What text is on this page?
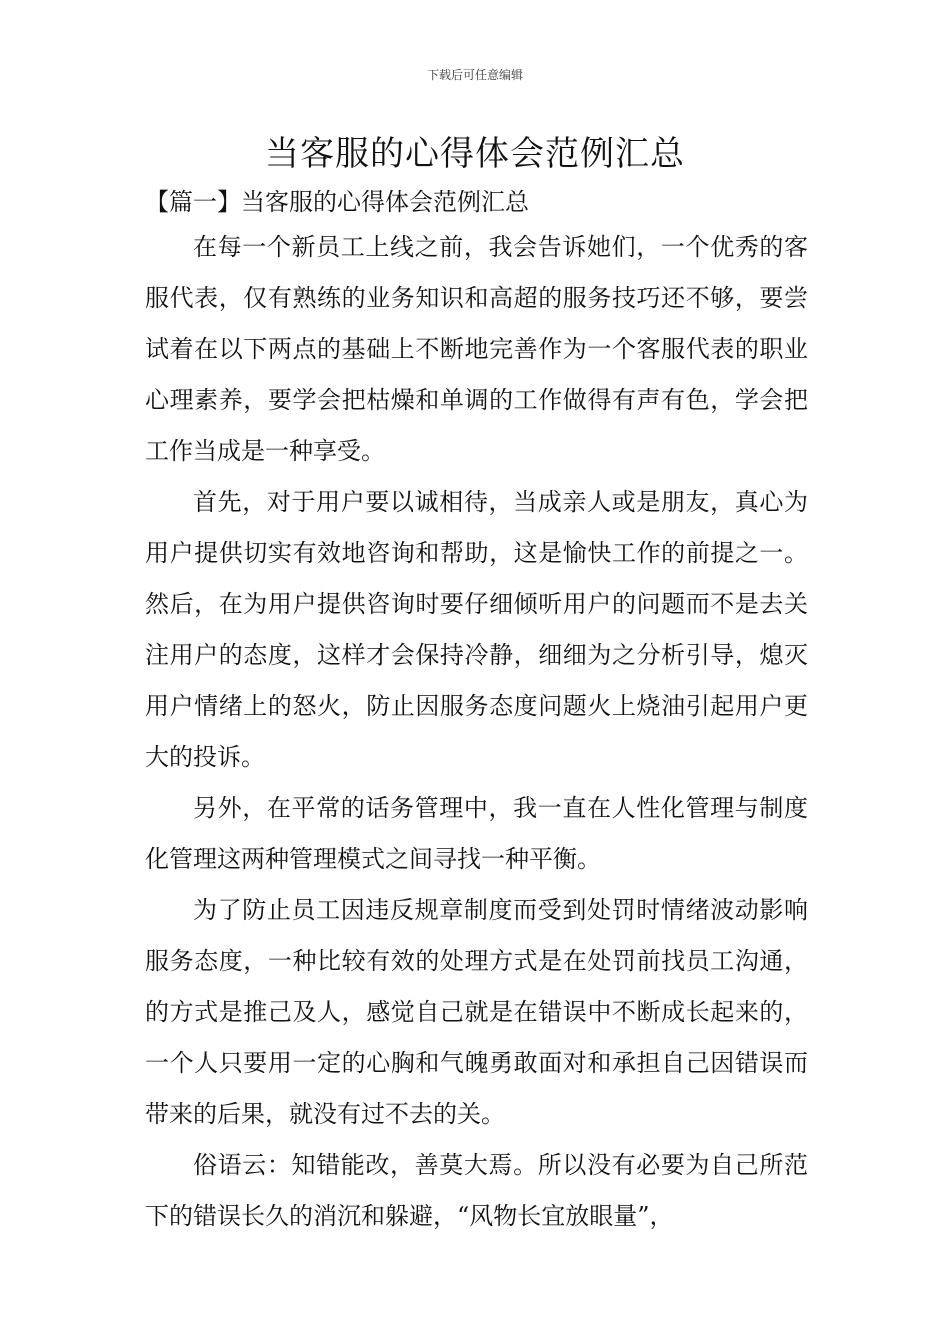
下载后可任意编辑
当客服的心得体会范例汇总
【篇一】当客服的心得体会范例汇总

在每一个新员工上线之前，我会告诉她们，一个优秀的客服代表，仅有熟练的业务知识和高超的服务技巧还不够，要尝试着在以下两点的基础上不断地完善作为一个客服代表的职业心理素养，要学会把枯燥和单调的工作做得有声有色，学会把工作当成是一种享受。

首先，对于用户要以诚相待，当成亲人或是朋友，真心为用户提供切实有效地咨询和帮助，这是愉快工作的前提之一。然后，在为用户提供咨询时要仔细倾听用户的问题而不是去关注用户的态度，这样才会保持冷静，细细为之分析引导，熄灭用户情绪上的怒火，防止因服务态度问题火上烧油引起用户更大的投诉。

另外，在平常的话务管理中，我一直在人性化管理与制度化管理这两种管理模式之间寻找一种平衡。

为了防止员工因违反规章制度而受到处罚时情绪波动影响服务态度，一种比较有效的处理方式是在处罚前找员工沟通，的方式是推己及人，感觉自己就是在错误中不断成长起来的，一个人只要用一定的心胸和气魄勇敢面对和承担自己因错误而带来的后果，就没有过不去的关。

俗语云：知错能改，善莫大焉。所以没有必要为自己所范下的错误长久的消沉和躲避，“风物长宜放眼量”，
